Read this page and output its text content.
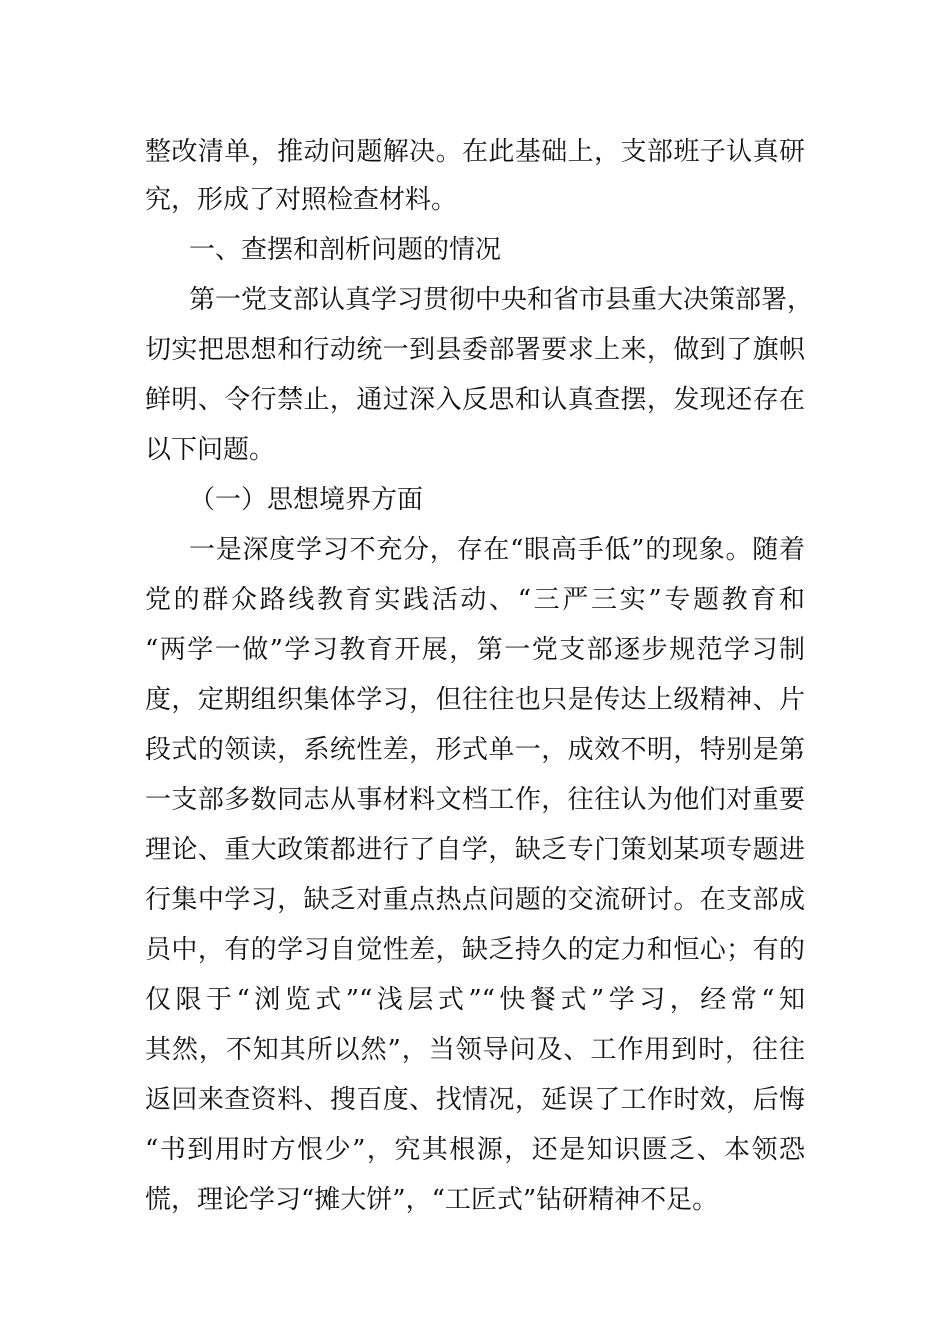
整改清单，推动问题解决。在此基础上，支部班子认真研
究，形成了对照检查材料。
一、查摆和剖析问题的情况
第一党支部认真学习贯彻中央和省市县重大决策部署，
切实把思想和行动统一到县委部署要求上来，做到了旗帜
鲜明、令行禁止，通过深入反思和认真查摆，发现还存在
以下问题。
（一）思想境界方面
一是深度学习不充分，存在“眼高手低”的现象。随着
党的群众路线教育实践活动、“三严三实”专题教育和
“两学一做”学习教育开展，第一党支部逐步规范学习制
度，定期组织集体学习，但往往也只是传达上级精神、片
段式的领读，系统性差，形式单一，成效不明，特别是第
一支部多数同志从事材料文档工作，往往认为他们对重要
理论、重大政策都进行了自学，缺乏专门策划某项专题进
行集中学习，缺乏对重点热点问题的交流研讨。在支部成
员中，有的学习自觉性差，缺乏持久的定力和恒心；有的
仅限于“浏览式”“浅层式”“快餐式”学习，经常“知
其然，不知其所以然”，当领导问及、工作用到时，往往
返回来查资料、搜百度、找情况，延误了工作时效，后悔
“书到用时方恨少”，究其根源，还是知识匮乏、本领恐
慌，理论学习“摊大饼”，“工匠式”钻研精神不足。
